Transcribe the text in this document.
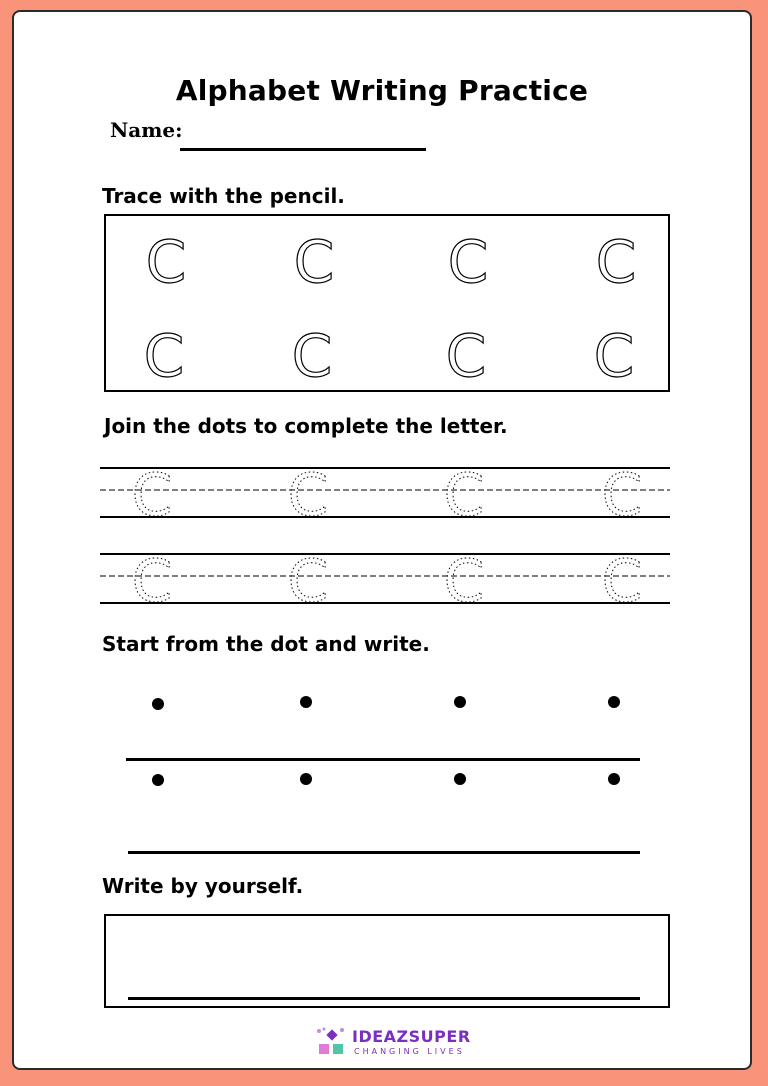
Alphabet Writing Practice
Name:
Trace with the pencil.
C C C C
C C C C
Join the dots to complete the letter.
C C C C
C C C C
Start from the dot and write.
Write by yourself.
IDEAZSUPER
CHANGING LIVES
